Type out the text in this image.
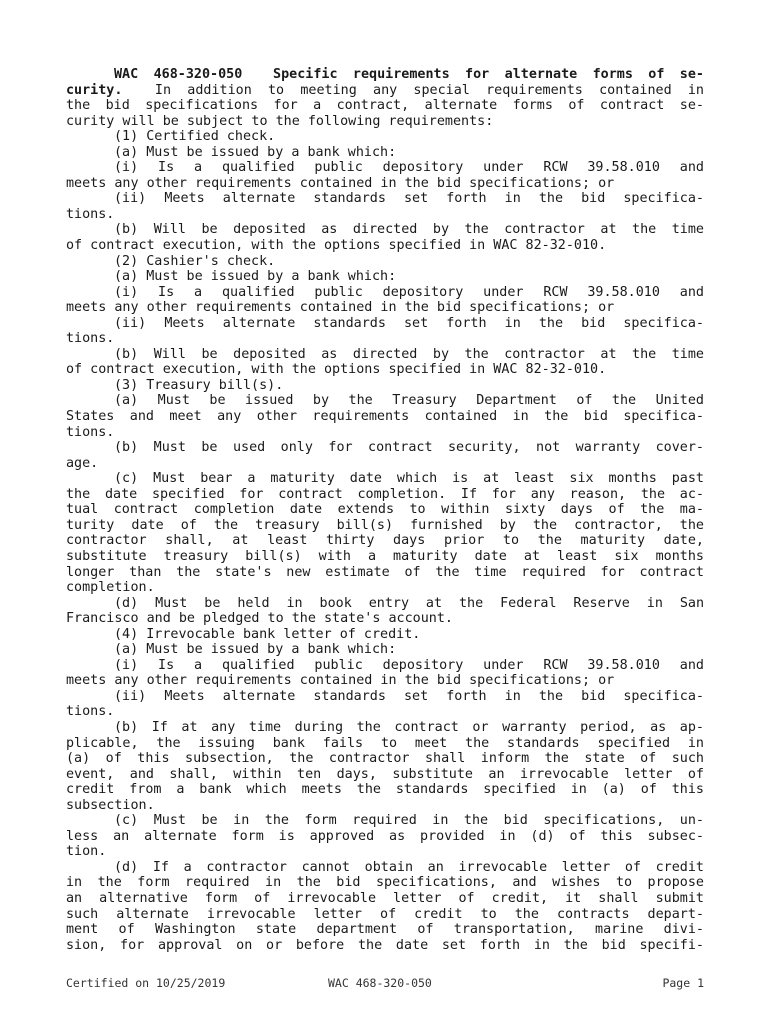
WAC 468-320-050  Specific requirements for alternate forms of se-
curity.  In addition to meeting any special requirements contained in
the bid specifications for a contract, alternate forms of contract se-
curity will be subject to the following requirements:
(1) Certified check.
(a) Must be issued by a bank which:
(i)  Is  a  qualified  public  depository  under  RCW  39.58.010  and
meets any other requirements contained in the bid specifications; or
(ii)  Meets  alternate  standards  set  forth  in  the  bid  specifica-
tions.
(b) Will be deposited as directed by the contractor at the time
of contract execution, with the options specified in WAC 82-32-010.
(2) Cashier's check.
(a) Must be issued by a bank which:
(i)  Is  a  qualified  public  depository  under  RCW  39.58.010  and
meets any other requirements contained in the bid specifications; or
(ii)  Meets  alternate  standards  set  forth  in  the  bid  specifica-
tions.
(b) Will be deposited as directed by the contractor at the time
of contract execution, with the options specified in WAC 82-32-010.
(3) Treasury bill(s).
(a)  Must  be  issued  by  the  Treasury  Department  of  the  United
States and meet any other requirements contained in the bid specifica-
tions.
(b) Must be used only for contract security, not warranty cover-
age.
(c) Must bear a maturity date which is at least six months past
the date specified for contract completion. If for any reason, the ac-
tual contract completion date extends to within sixty days of the ma-
turity date of the treasury bill(s) furnished by the contractor, the
contractor shall, at least thirty days prior to the maturity date,
substitute treasury bill(s) with a maturity date at least six months
longer than the state's new estimate of the time required for contract
completion.
(d)  Must  be  held  in  book  entry  at  the  Federal  Reserve  in  San
Francisco and be pledged to the state's account.
(4) Irrevocable bank letter of credit.
(a) Must be issued by a bank which:
(i)  Is  a  qualified  public  depository  under  RCW  39.58.010  and
meets any other requirements contained in the bid specifications; or
(ii)  Meets  alternate  standards  set  forth  in  the  bid  specifica-
tions.
(b) If at any time during the contract or warranty period, as ap-
plicable, the issuing bank fails to meet the standards specified in
(a) of this subsection, the contractor shall inform the state of such
event, and shall, within ten days, substitute an irrevocable letter of
credit from a bank which meets the standards specified in (a) of this
subsection.
(c) Must be in the form required in the bid specifications, un-
less an alternate form is approved as provided in (d) of this subsec-
tion.
(d) If a contractor cannot obtain an irrevocable letter of credit
in the form required in the bid specifications, and wishes to propose
an alternative form of irrevocable letter of credit, it shall submit
such alternate irrevocable letter of credit to the contracts depart-
ment of Washington state department of transportation, marine divi-
sion, for approval on or before the date set forth in the bid specifi-
Certified on 10/25/2019	WAC 468-320-050	Page 1
